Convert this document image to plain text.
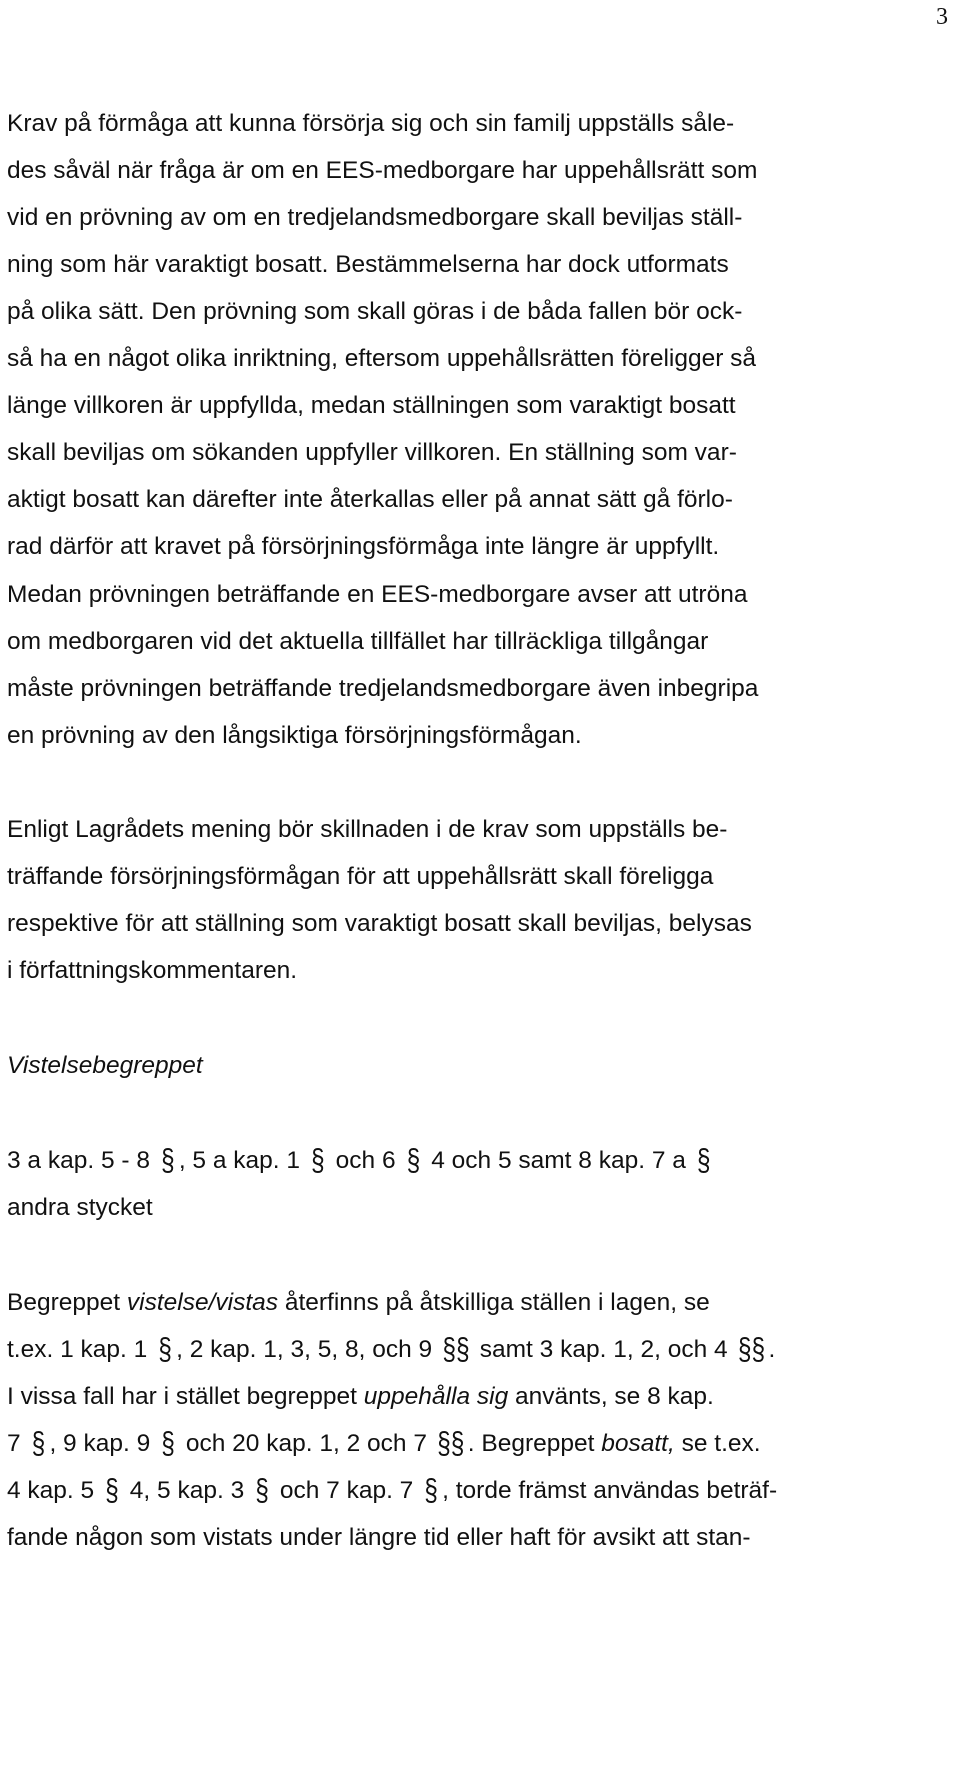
3
Krav på förmåga att kunna försörja sig och sin familj uppställs såle-
des såväl när fråga är om en EES-medborgare har uppehållsrätt som
vid en prövning av om en tredjelandsmedborgare skall beviljas ställ-
ning som här varaktigt bosatt. Bestämmelserna har dock utformats
på olika sätt. Den prövning som skall göras i de båda fallen bör ock-
så ha en något olika inriktning, eftersom uppehållsrätten föreligger så
länge villkoren är uppfyllda, medan ställningen som varaktigt bosatt
skall beviljas om sökanden uppfyller villkoren. En ställning som var-
aktigt bosatt kan därefter inte återkallas eller på annat sätt gå förlo-
rad därför att kravet på försörjningsförmåga inte längre är uppfyllt.
Medan prövningen beträffande en EES-medborgare avser att utröna
om medborgaren vid det aktuella tillfället har tillräckliga tillgångar
måste prövningen beträffande tredjelandsmedborgare även inbegripa
en prövning av den långsiktiga försörjningsförmågan.
Enligt Lagrådets mening bör skillnaden i de krav som uppställs be-
träffande försörjningsförmågan för att uppehållsrätt skall föreligga
respektive för att ställning som varaktigt bosatt skall beviljas, belysas
i författningskommentaren.
Vistelsebegreppet
3 a kap. 5 - 8 § , 5 a kap. 1 § och 6 § 4 och 5 samt 8 kap. 7 a §
andra stycket
Begreppet vistelse/vistas återfinns på åtskilliga ställen i lagen, se
t.ex. 1 kap. 1 § , 2 kap. 1, 3, 5, 8, och 9 §§ samt 3 kap. 1, 2, och 4 §§ .
I vissa fall har i stället begreppet uppehålla sig använts, se 8 kap.
7 § , 9 kap. 9 § och 20 kap. 1, 2 och 7 §§ . Begreppet bosatt, se t.ex.
4 kap. 5 § 4, 5 kap. 3 § och 7 kap. 7 § , torde främst användas beträf-
fande någon som vistats under längre tid eller haft för avsikt att stan-
